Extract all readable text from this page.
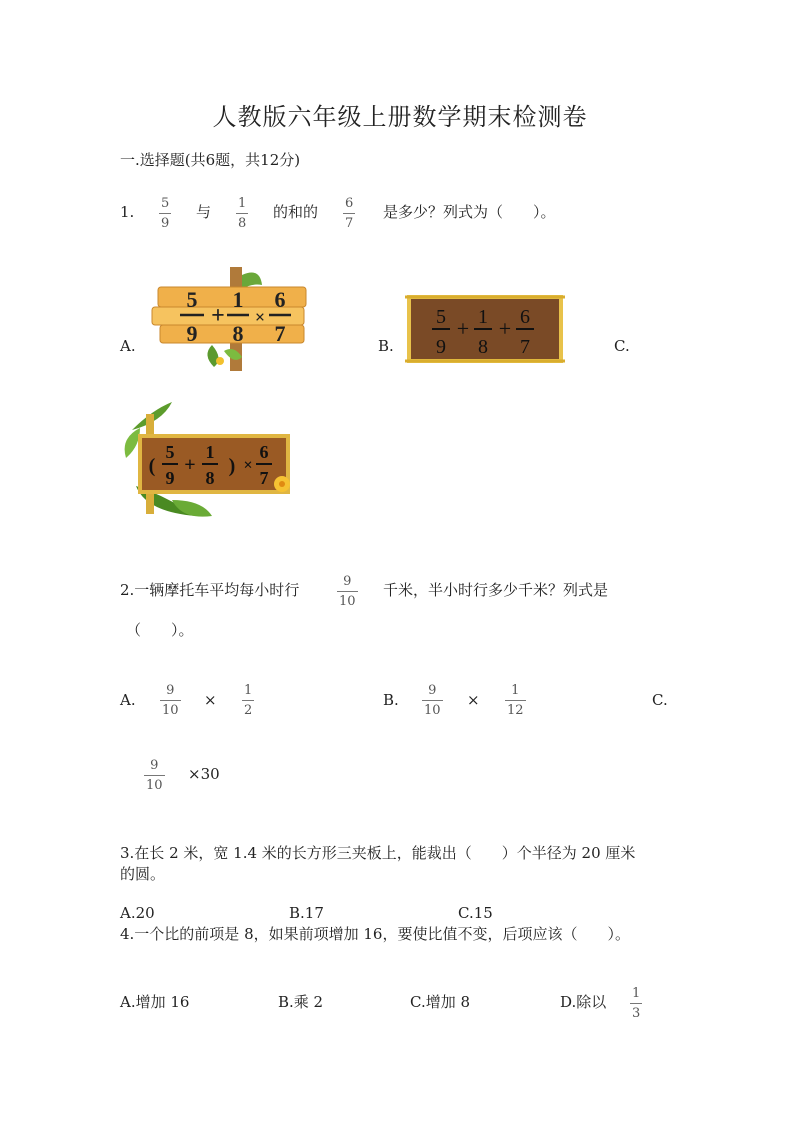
人教版六年级上册数学期末检测卷
一.选择题(共6题，共12分)
1. 5
9
与 1
8
的和的 6
7
是多少？列式为（　　）。
A.	B.	C.
5
9
+
1
8
×
6
7
5
9
+ 1
8
+ 6
7
(
5
9
+
1
8
) ×
6
7
2.一辆摩托车平均每小时行	9
10
千米，半小时行多少千米？列式是
（　　）。
A.
9
10
×
1
2
B.
9
10
×
1
12
C.
9
10
×30
3.在长 2 米，宽 1.4 米的长方形三夹板上，能裁出（　　）个半径为 20 厘米
的圆。
A.20	B.17	C.15
4.一个比的前项是 8，如果前项增加 16，要使比值不变，后项应该（　　）。
A.增加 16	B.乘 2	C.增加 8	D.除以 1
3
